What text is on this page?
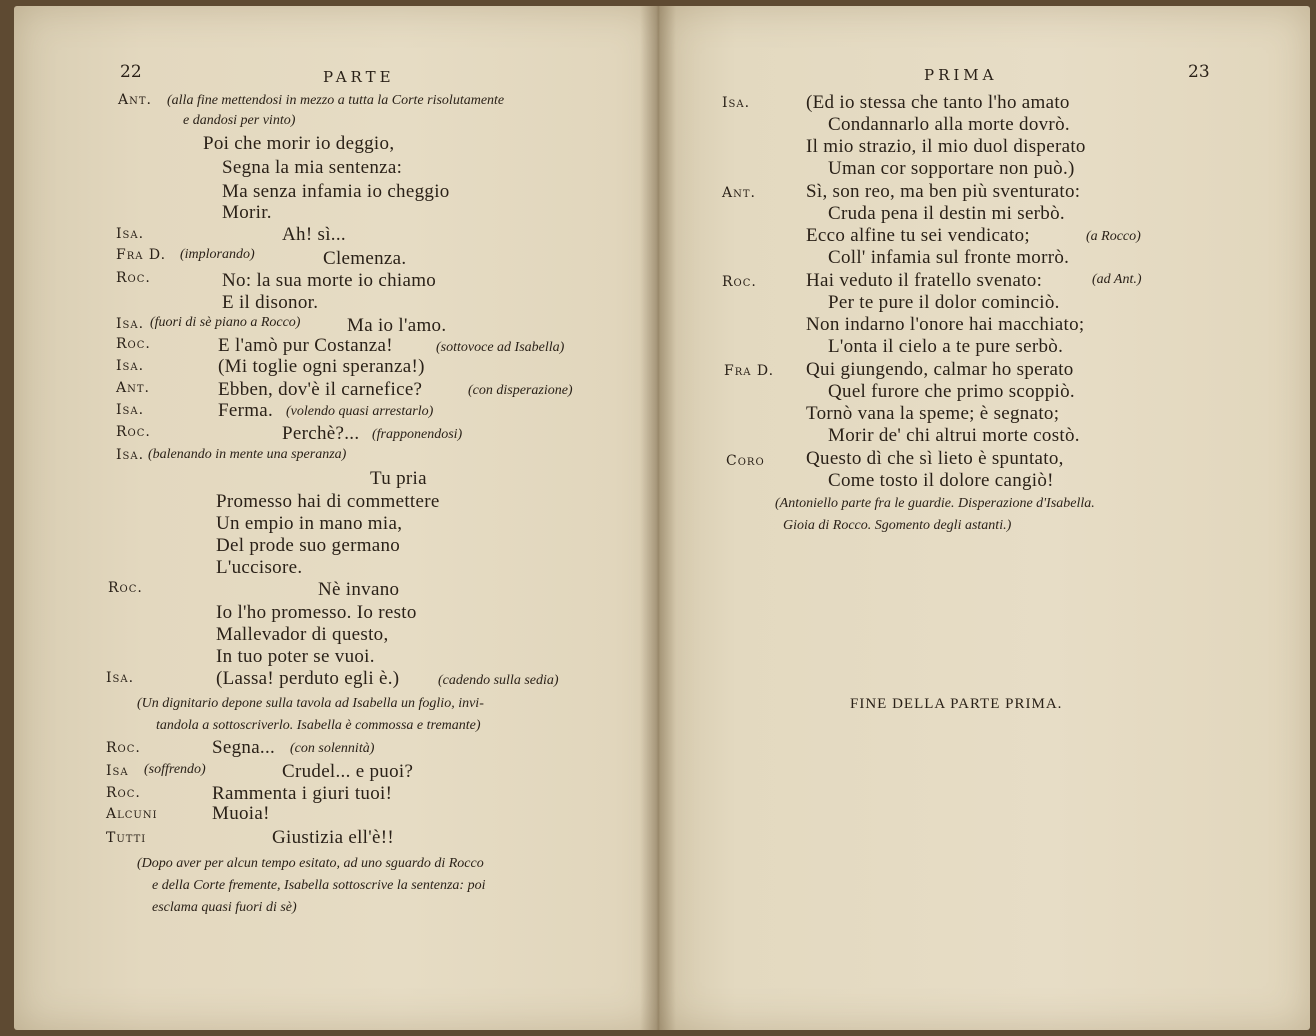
22	PARTE
Ant. (alla fine mettendosi in mezzo a tutta la Corte risolutamente
e dandosi per vinto)
Poi che morir io deggio,
Segna la mia sentenza:
Ma senza infamia io cheggio
Morir.
Isa.	Ah! sì...
Fra D. (implorando)	Clemenza.
Roc.	No: la sua morte io chiamo
E il disonor.
Isa. (fuori di sè piano a Rocco) Ma io l'amo.
Roc.	E l'amò pur Costanza!	(sottovoce ad Isabella)
Isa.	(Mi toglie ogni speranza!)
Ant.	Ebben, dov'è il carnefice?	(con disperazione)
Isa.	Ferma. (volendo quasi arrestarlo)
Roc.	Perchè?... (frapponendosi)
Isa. (balenando in mente una speranza)
Tu pria
Promesso hai di commettere
Un empio in mano mia,
Del prode suo germano
L'uccisore.
Roc.	Nè invano
Io l'ho promesso. Io resto
Mallevador di questo,
In tuo poter se vuoi.
Isa.	(Lassa! perduto egli è.)	(cadendo sulla sedia)
(Un dignitario depone sulla tavola ad Isabella un foglio, invi-
tandola a sottoscriverlo. Isabella è commossa e tremante)
Roc.	Segna... (con solennità)
Isa (soffrendo)	Crudel... e puoi?
Roc.	Rammenta i giuri tuoi!
Alcuni	Muoia!
Tutti	Giustizia ell'è!!
(Dopo aver per alcun tempo esitato, ad uno sguardo di Rocco
e della Corte fremente, Isabella sottoscrive la sentenza: poi
esclama quasi fuori di sè)
PRIMA	23
Isa.	(Ed io stessa che tanto l'ho amato
Condannarlo alla morte dovrò.
Il mio strazio, il mio duol disperato
Uman cor sopportare non può.)
Ant.	Sì, son reo, ma ben più sventurato:
Cruda pena il destin mi serbò.
Ecco alfine tu sei vendicato;	(a Rocco)
Coll' infamia sul fronte morrò.
Roc.	Hai veduto il fratello svenato:	(ad Ant.)
Per te pure il dolor cominciò.
Non indarno l'onore hai macchiato;
L'onta il cielo a te pure serbò.
Fra D. Qui giungendo, calmar ho sperato
Quel furore che primo scoppiò.
Tornò vana la speme; è segnato;
Morir de' chi altrui morte costò.
Coro Questo dì che sì lieto è spuntato,
Come tosto il dolore cangiò!
(Antoniello parte fra le guardie. Disperazione d'Isabella.
Gioia di Rocco. Sgomento degli astanti.)
FINE DELLA PARTE PRIMA.
